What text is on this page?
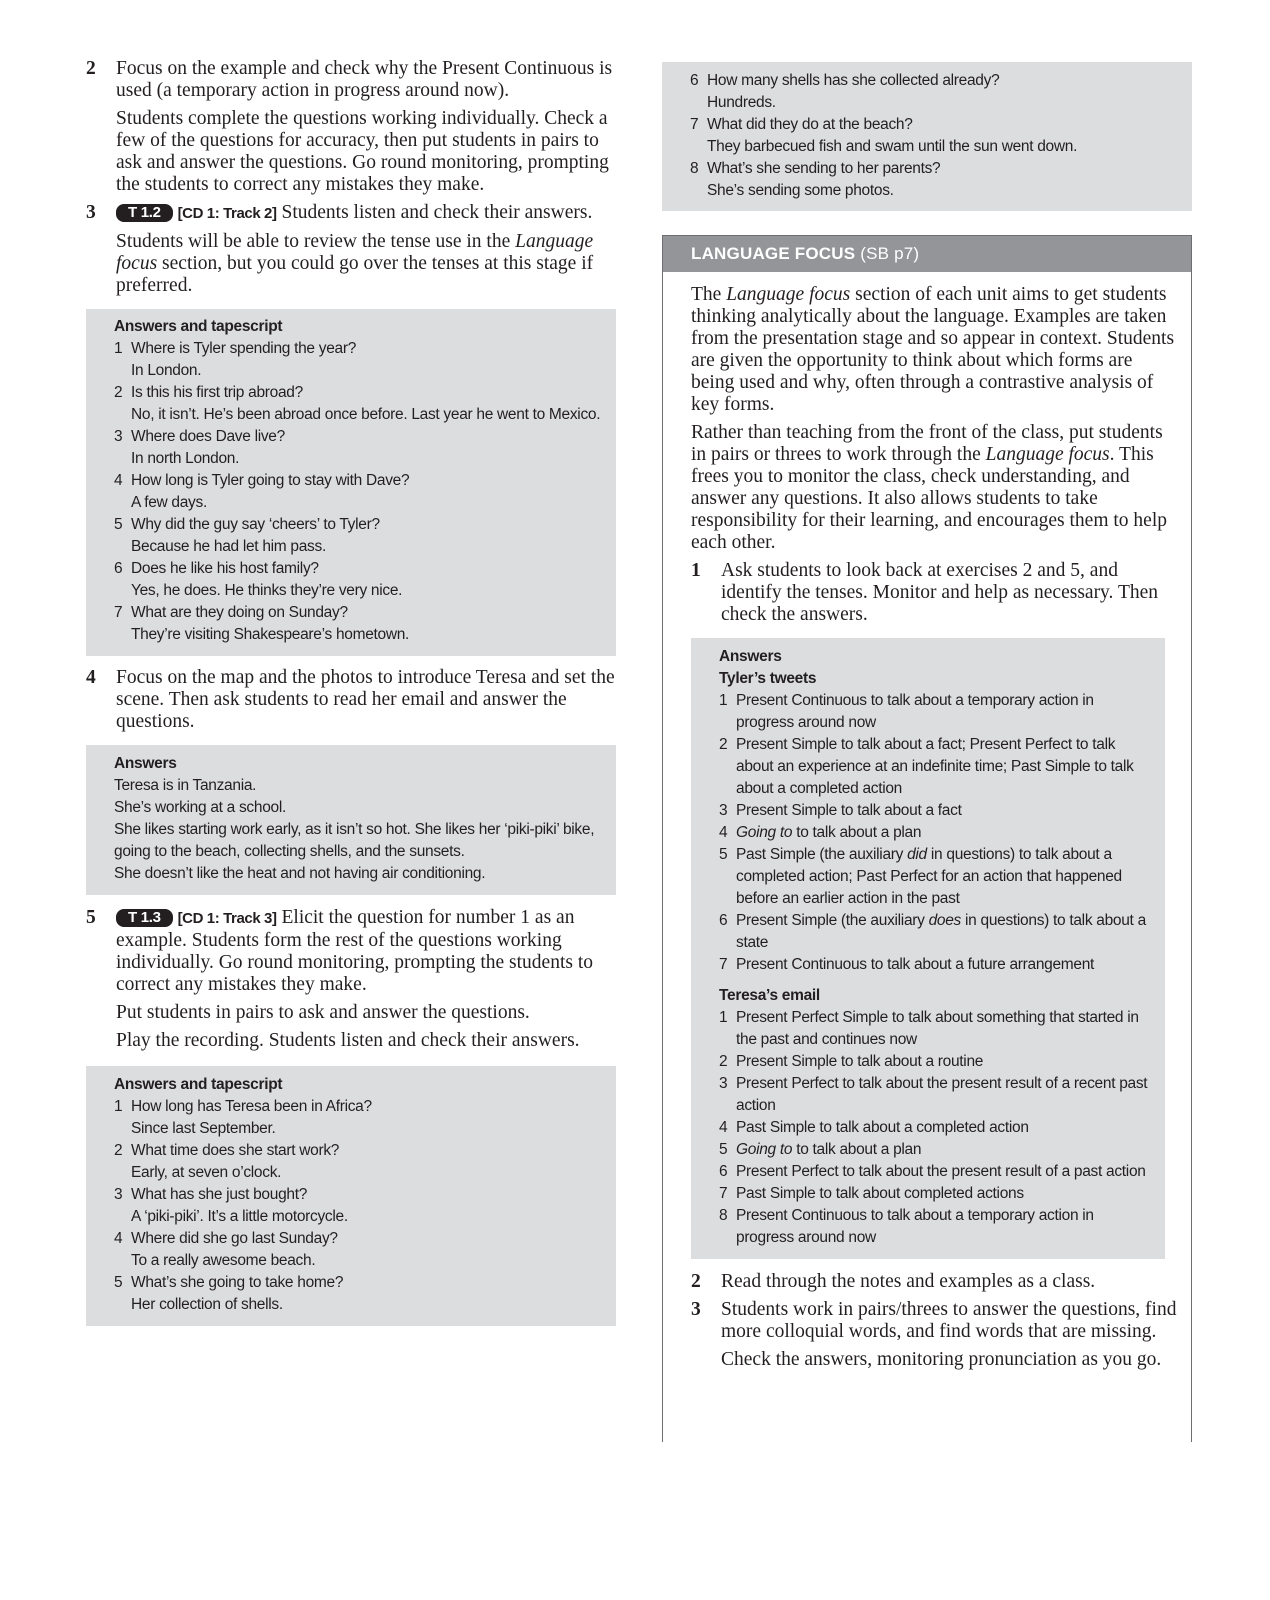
2 Focus on the example and check why the Present Continuous is used (a temporary action in progress around now).

Students complete the questions working individually. Check a few of the questions for accuracy, then put students in pairs to ask and answer the questions. Go round monitoring, prompting the students to correct any mistakes they make.

3	T 1.2 [CD 1: Track 2] Students listen and check their answers.

Students will be able to review the tense use in the Language focus section, but you could go over the tenses at this stage if preferred.

Answers and tapescript
1 Where is Tyler spending the year?
In London.
2 Is this his first trip abroad?
No, it isn’t. He’s been abroad once before. Last year he went to Mexico.
3 Where does Dave live?
In north London.
4 How long is Tyler going to stay with Dave?
A few days.
5 Why did the guy say ‘cheers’ to Tyler?
Because he had let him pass.
6 Does he like his host family?
Yes, he does. He thinks they’re very nice.
7 What are they doing on Sunday?
They’re visiting Shakespeare’s hometown.
4 Focus on the map and the photos to introduce Teresa and set the scene. Then ask students to read her email and answer the questions.

Answers
Teresa is in Tanzania.
She’s working at a school.
She likes starting work early, as it isn’t so hot. She likes her ‘piki-piki’ bike, going to the beach, collecting shells, and the sunsets.
She doesn’t like the heat and not having air conditioning.
5	T 1.3 [CD 1: Track 3] Elicit the question for number 1 as an example. Students form the rest of the questions working individually. Go round monitoring, prompting the students to correct any mistakes they make.

Put students in pairs to ask and answer the questions.

Play the recording. Students listen and check their answers.

Answers and tapescript
1 How long has Teresa been in Africa?
Since last September.
2 What time does she start work?
Early, at seven o’clock.
3 What has she just bought?
A ‘piki-piki’. It’s a little motorcycle.
4 Where did she go last Sunday?
To a really awesome beach.
5 What’s she going to take home?
Her collection of shells.
6 How many shells has she collected already?
Hundreds.
7 What did they do at the beach?
They barbecued fish and swam until the sun went down.
8 What’s she sending to her parents?
She’s sending some photos.
LANGUAGE FOCUS (SB p7)

The Language focus section of each unit aims to get students thinking analytically about the language. Examples are taken from the presentation stage and so appear in context. Students are given the opportunity to think about which forms are being used and why, often through a contrastive analysis of key forms.

Rather than teaching from the front of the class, put students in pairs or threes to work through the Language focus. This frees you to monitor the class, check understanding, and answer any questions. It also allows students to take responsibility for their learning, and encourages them to help each other.

1 Ask students to look back at exercises 2 and 5, and identify the tenses. Monitor and help as necessary. Then check the answers.

Answers
Tyler’s tweets
1 Present Continuous to talk about a temporary action in progress around now
2 Present Simple to talk about a fact; Present Perfect to talk about an experience at an indefinite time; Past Simple to talk about a completed action
3 Present Simple to talk about a fact
4 Going to to talk about a plan
5 Past Simple (the auxiliary did in questions) to talk about a completed action; Past Perfect for an action that happened before an earlier action in the past
6 Present Simple (the auxiliary does in questions) to talk about a state
7 Present Continuous to talk about a future arrangement
Teresa’s email
1 Present Perfect Simple to talk about something that started in the past and continues now
2 Present Simple to talk about a routine
3 Present Perfect to talk about the present result of a recent past action
4 Past Simple to talk about a completed action
5 Going to to talk about a plan
6 Present Perfect to talk about the present result of a past action
7 Past Simple to talk about completed actions
8 Present Continuous to talk about a temporary action in progress around now
2 Read through the notes and examples as a class.

3 Students work in pairs/threes to answer the questions, find more colloquial words, and find words that are missing.

Check the answers, monitoring pronunciation as you go.
